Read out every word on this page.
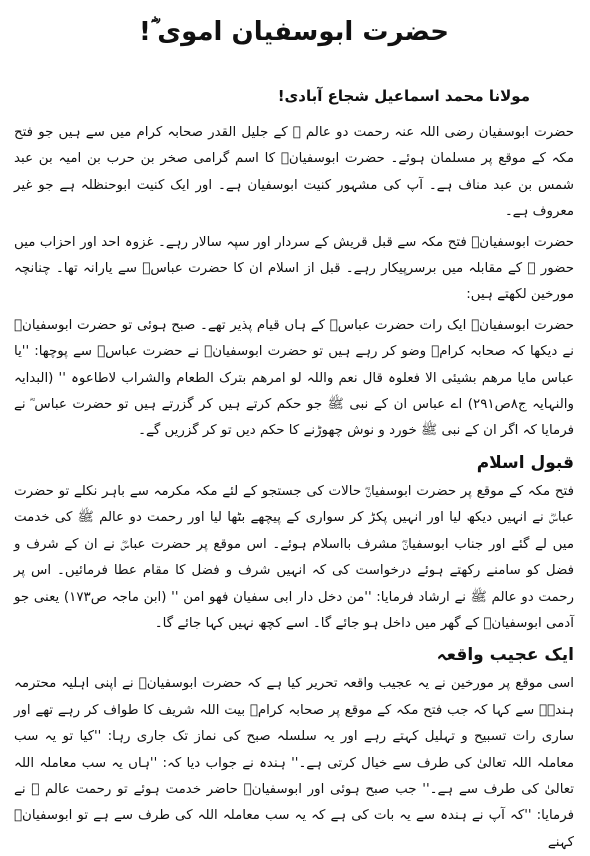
حضرت ابوسفیان اموی ؓ!
مولانا محمد اسماعیل شجاع آبادی!

حضرت ابوسفیان رضی اللہ عنہ رحمت دو عالم ﷺ کے جلیل القدر صحابہ کرام میں سے ہیں جو فتح مکہ کے موقع پر مسلمان ہوئے۔ حضرت ابوسفیانؓ کا اسم گرامی صخر بن حرب بن امیہ بن عبد شمس بن عبد مناف ہے۔ آپ کی مشہور کنیت ابوسفیان ہے۔ اور ایک کنیت ابوحنظلہ ہے جو غیر معروف ہے۔

حضرت ابوسفیانؓ فتح مکہ سے قبل قریش کے سردار اور سپہ سالار رہے۔ غزوہ احد اور احزاب میں حضور ﷺ کے مقابلہ میں برسرپیکار رہے۔ قبل از اسلام ان کا حضرت عباسؓ سے یارانہ تھا۔ چنانچہ مورخین لکھتے ہیں:

حضرت ابوسفیانؓ ایک رات حضرت عباسؓ کے ہاں قیام پذیر تھے۔ صبح ہوئی تو حضرت ابوسفیانؓ نے دیکھا کہ صحابہ کرامؓ وضو کر رہے ہیں تو حضرت ابوسفیانؓ نے حضرت عباسؓ سے پوچھا: ''یا عباس مایا مرھم بشیئی الا فعلوہ قال نعم واللہ لو امرھم بترک الطعام والشراب لاطاعوہ '' (البدایہ والنہایہ ج۸ص۲۹۱) اے عباس ان کے نبی ﷺ جو حکم کرتے ہیں کر گزرتے ہیں تو حضرت عباس ؓ نے فرمایا کہ اگر ان کے نبی ﷺ خورد و نوش چھوڑنے کا حکم دیں تو کر گزریں گے۔

قبول اسلام

فتح مکہ کے موقع پر حضرت ابوسفیانؓ حالات کی جستجو کے لئے مکہ مکرمہ سے باہر نکلے تو حضرت عباسؓ نے انہیں دیکھ لیا اور انہیں پکڑ کر سواری کے پیچھے بٹھا لیا اور رحمت دو عالم ﷺ کی خدمت میں لے گئے اور جناب ابوسفیانؓ مشرف بااسلام ہوئے۔ اس موقع پر حضرت عباسؓ نے ان کے شرف و فضل کو سامنے رکھتے ہوئے درخواست کی کہ انہیں شرف و فضل کا مقام عطا فرمائیں۔ اس پر رحمت دو عالم ﷺ نے ارشاد فرمایا: ''من دخل دار ابی سفیان فھو امن '' (ابن ماجہ ص۱۷۳) یعنی جو آدمی ابوسفیانؓ کے گھر میں داخل ہو جائے گا۔ اسے کچھ نہیں کہا جائے گا۔

ایک عجیب واقعہ

اسی موقع پر مورخین نے یہ عجیب واقعہ تحریر کیا ہے کہ حضرت ابوسفیانؓ نے اپنی اہلیہ محترمہ ہندہؓ سے کہا کہ جب فتح مکہ کے موقع پر صحابہ کرامؓ بیت اللہ شریف کا طواف کر رہے تھے اور ساری رات تسبیح و تہلیل کہتے رہے اور یہ سلسلہ صبح کی نماز تک جاری رہا: ''کیا تو یہ سب معاملہ اللہ تعالیٰ کی طرف سے خیال کرتی ہے۔'' ہندہ نے جواب دیا کہ: ''ہاں یہ سب معاملہ اللہ تعالیٰ کی طرف سے ہے۔'' جب صبح ہوئی اور ابوسفیانؓ حاضر خدمت ہوئے تو رحمت عالم ﷺ نے فرمایا: ''کہ آپ نے ہندہ سے یہ بات کی ہے کہ یہ سب معاملہ اللہ کی طرف سے ہے تو ابوسفیانؓ کہنے
